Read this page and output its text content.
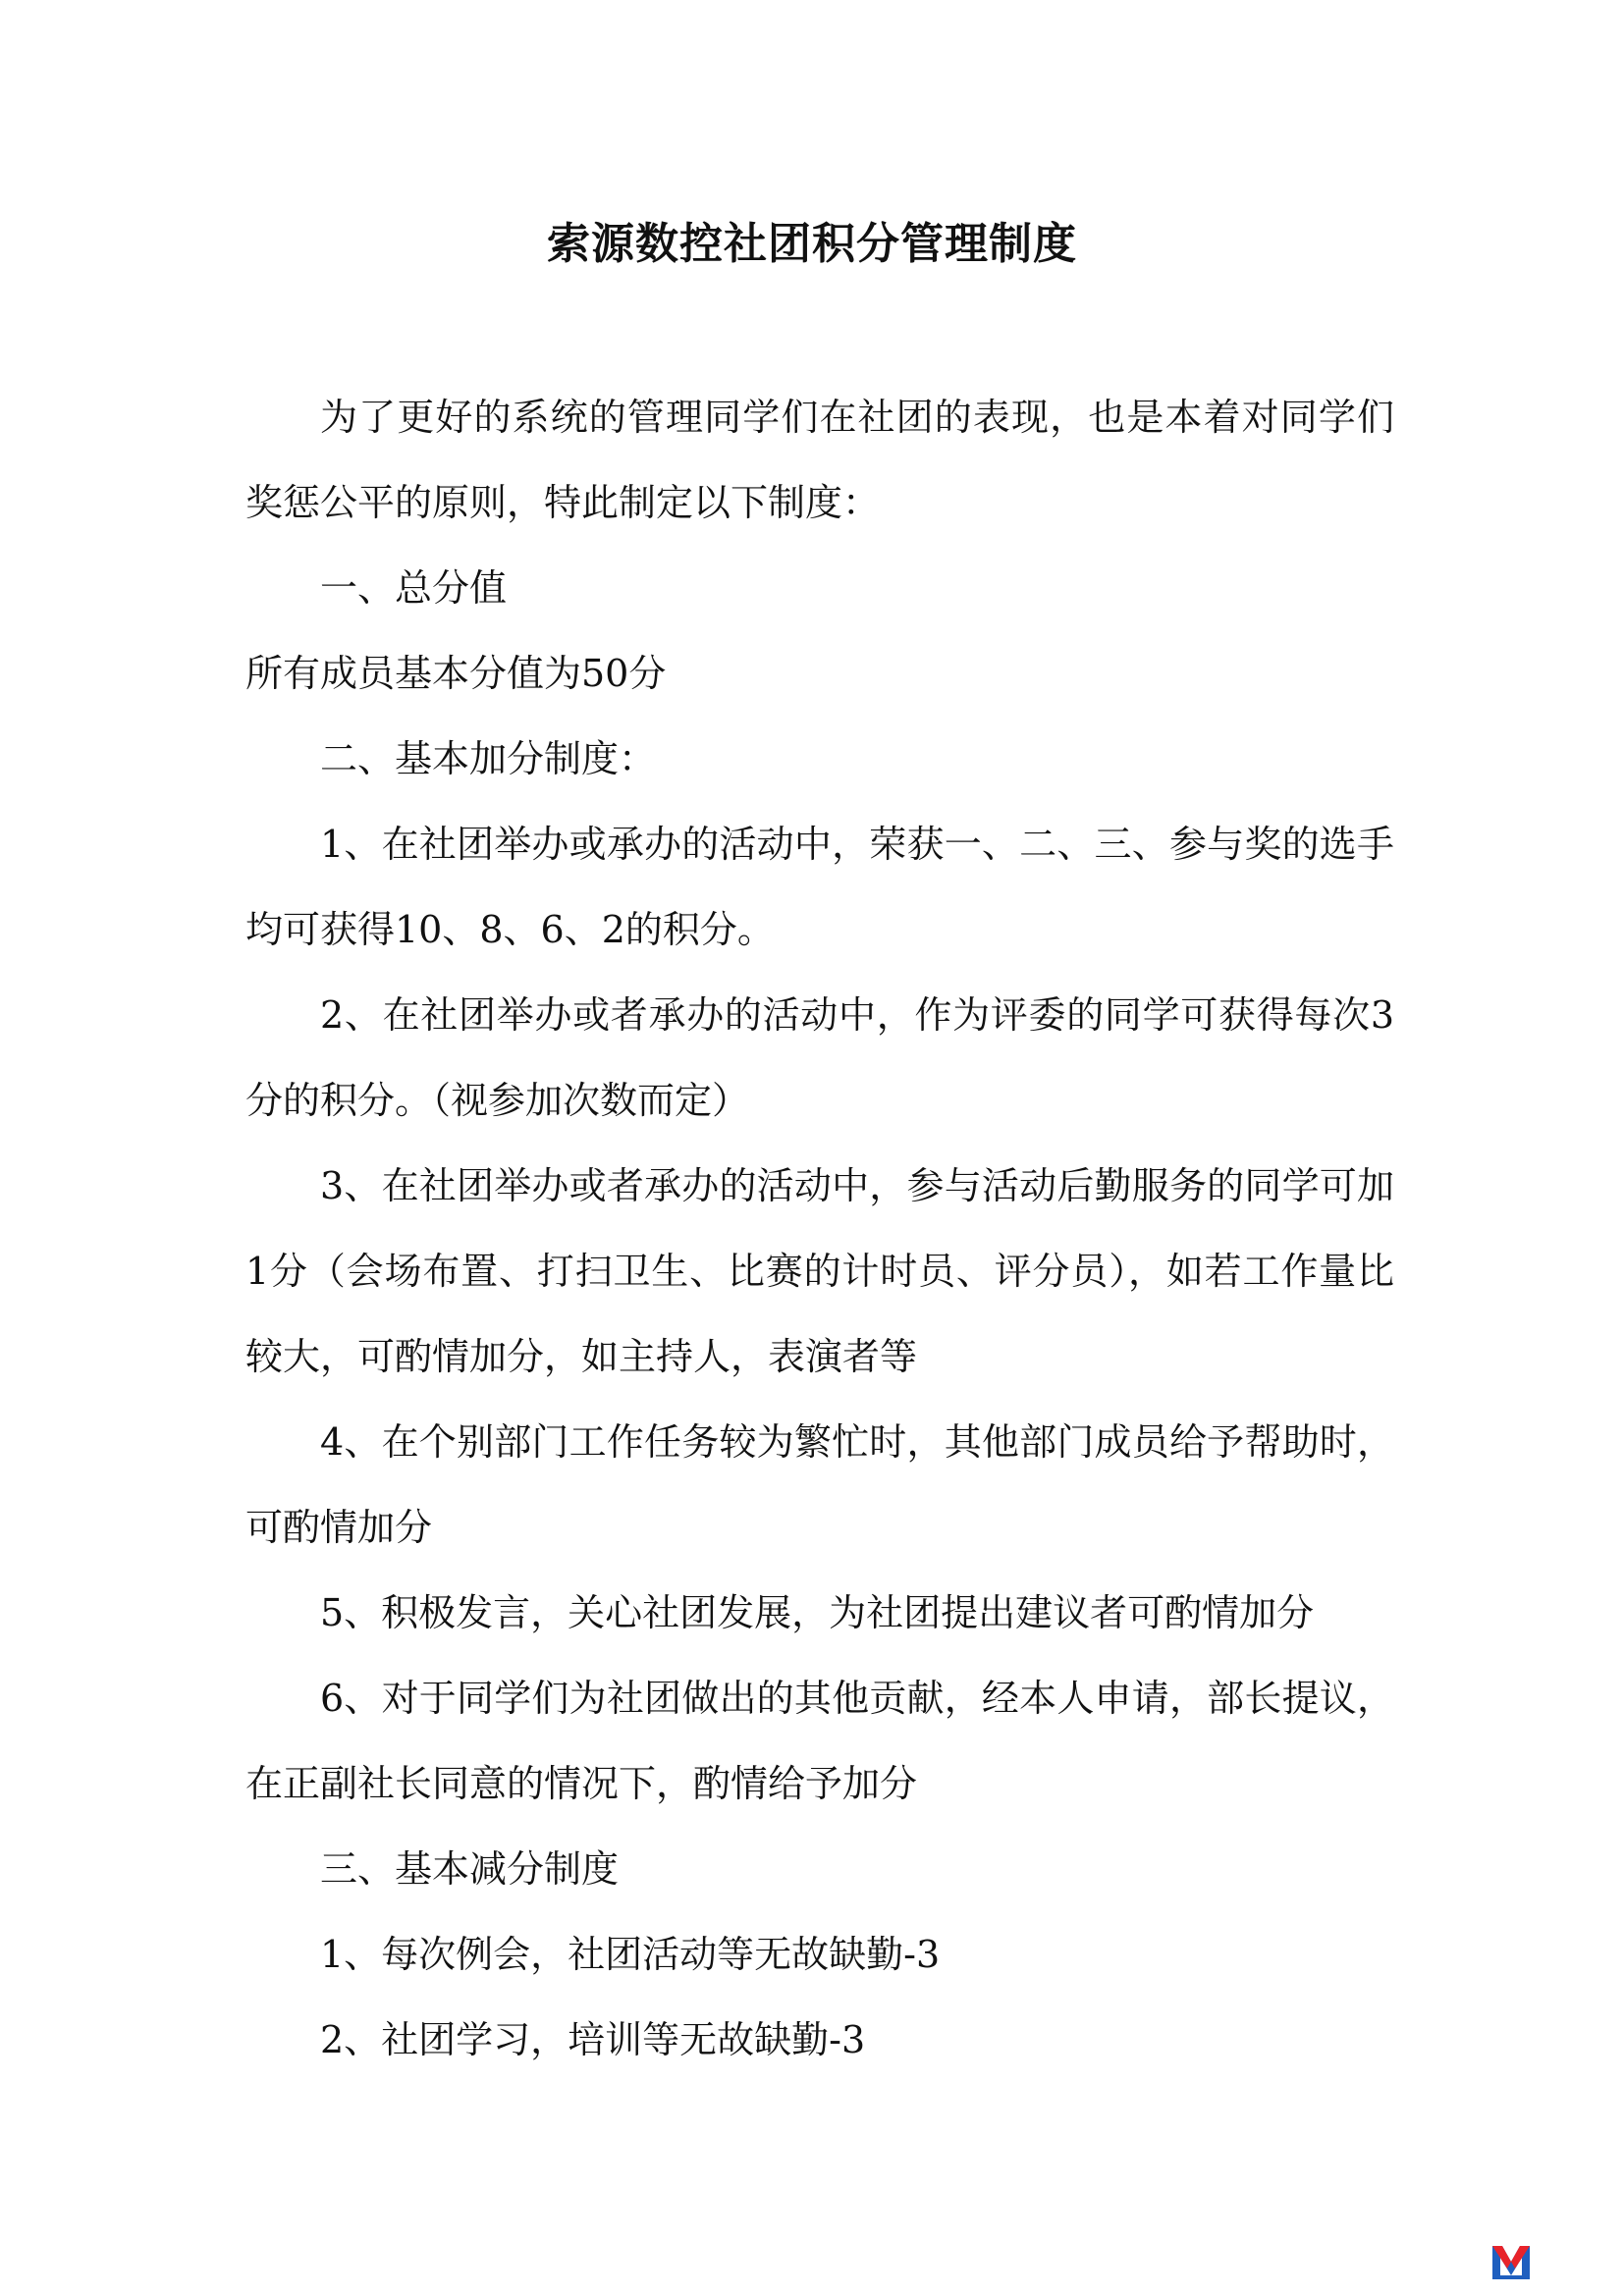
索源数控社团积分管理制度

为了更好的系统的管理同学们在社团的表现，也是本着对同学们奖惩公平的原则，特此制定以下制度：

一、总分值

所有成员基本分值为50分

二、基本加分制度：

1、在社团举办或承办的活动中，荣获一、二、三、参与奖的选手均可获得10、8、6、2的积分。

2、在社团举办或者承办的活动中，作为评委的同学可获得每次3分的积分。（视参加次数而定）

3、在社团举办或者承办的活动中，参与活动后勤服务的同学可加1分（会场布置、打扫卫生、比赛的计时员、评分员），如若工作量比较大，可酌情加分，如主持人，表演者等

4、在个别部门工作任务较为繁忙时，其他部门成员给予帮助时，可酌情加分

5、积极发言，关心社团发展，为社团提出建议者可酌情加分

6、对于同学们为社团做出的其他贡献，经本人申请，部长提议，在正副社长同意的情况下，酌情给予加分

三、基本减分制度

1、每次例会，社团活动等无故缺勤-3

2、社团学习，培训等无故缺勤-3
